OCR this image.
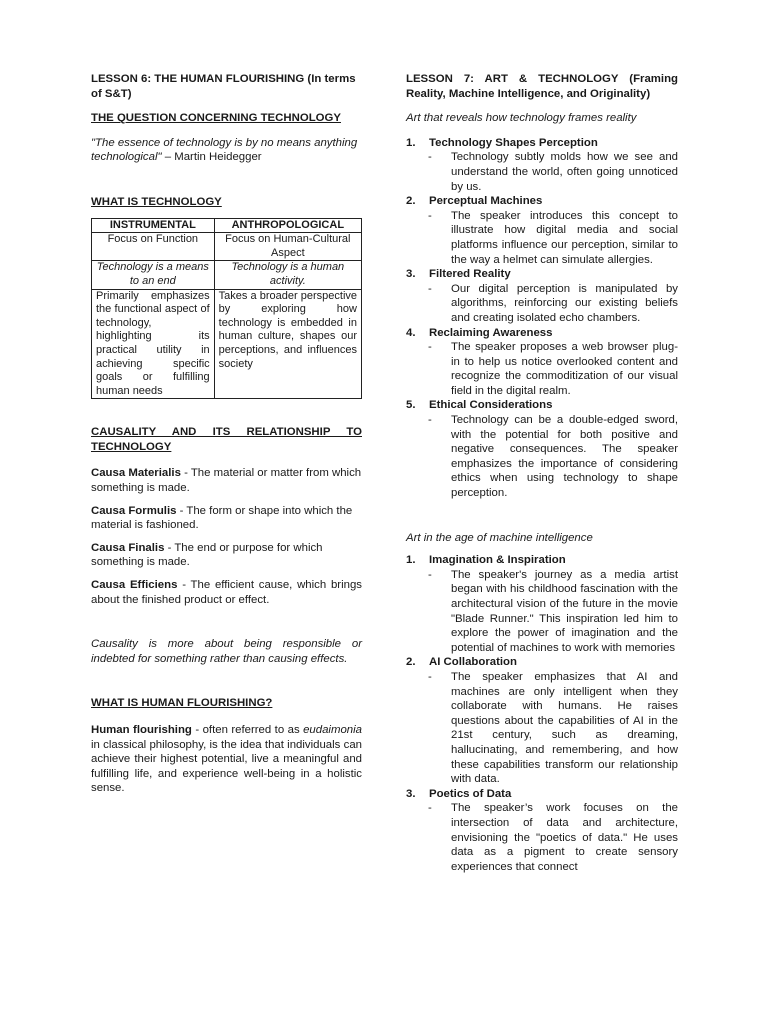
LESSON 6: THE HUMAN FLOURISHING (In terms of S&T)

THE QUESTION CONCERNING TECHNOLOGY

"The essence of technology is by no means anything technological" – Martin Heidegger

WHAT IS TECHNOLOGY

INSTRUMENTAL	ANTHROPOLOGICAL
Focus on Function	Focus on Human-Cultural Aspect
Technology is a means to an end	Technology is a human activity.
Primarily emphasizes the functional aspect of technology, highlighting its practical utility in achieving specific goals or fulfilling human needs	Takes a broader perspective by exploring how technology is embedded in human culture, shapes our perceptions, and influences society

CAUSALITY AND ITS RELATIONSHIP TO TECHNOLOGY

Causa Materialis - The material or matter from which something is made.

Causa Formulis - The form or shape into which the material is fashioned.

Causa Finalis - The end or purpose for which something is made.

Causa Efficiens - The efficient cause, which brings about the finished product or effect.

Causality is more about being responsible or indebted for something rather than causing effects.

WHAT IS HUMAN FLOURISHING?

Human flourishing - often referred to as eudaimonia in classical philosophy, is the idea that individuals can achieve their highest potential, live a meaningful and fulfilling life, and experience well-being in a holistic sense.

LESSON 7: ART & TECHNOLOGY (Framing Reality, Machine Intelligence, and Originality)

Art that reveals how technology frames reality

1. Technology Shapes Perception
- Technology subtly molds how we see and understand the world, often going unnoticed by us.
2. Perceptual Machines
- The speaker introduces this concept to illustrate how digital media and social platforms influence our perception, similar to the way a helmet can simulate allergies.
3. Filtered Reality
- Our digital perception is manipulated by algorithms, reinforcing our existing beliefs and creating isolated echo chambers.
4. Reclaiming Awareness
- The speaker proposes a web browser plug-in to help us notice overlooked content and recognize the commoditization of our visual field in the digital realm.
5. Ethical Considerations
- Technology can be a double-edged sword, with the potential for both positive and negative consequences. The speaker emphasizes the importance of considering ethics when using technology to shape perception.

Art in the age of machine intelligence

1. Imagination & Inspiration
- The speaker's journey as a media artist began with his childhood fascination with the architectural vision of the future in the movie "Blade Runner." This inspiration led him to explore the power of imagination and the potential of machines to work with memories
2. AI Collaboration
- The speaker emphasizes that AI and machines are only intelligent when they collaborate with humans. He raises questions about the capabilities of AI in the 21st century, such as dreaming, hallucinating, and remembering, and how these capabilities transform our relationship with data.
3. Poetics of Data
- The speaker’s work focuses on the intersection of data and architecture, envisioning the "poetics of data." He uses data as a pigment to create sensory experiences that connect
